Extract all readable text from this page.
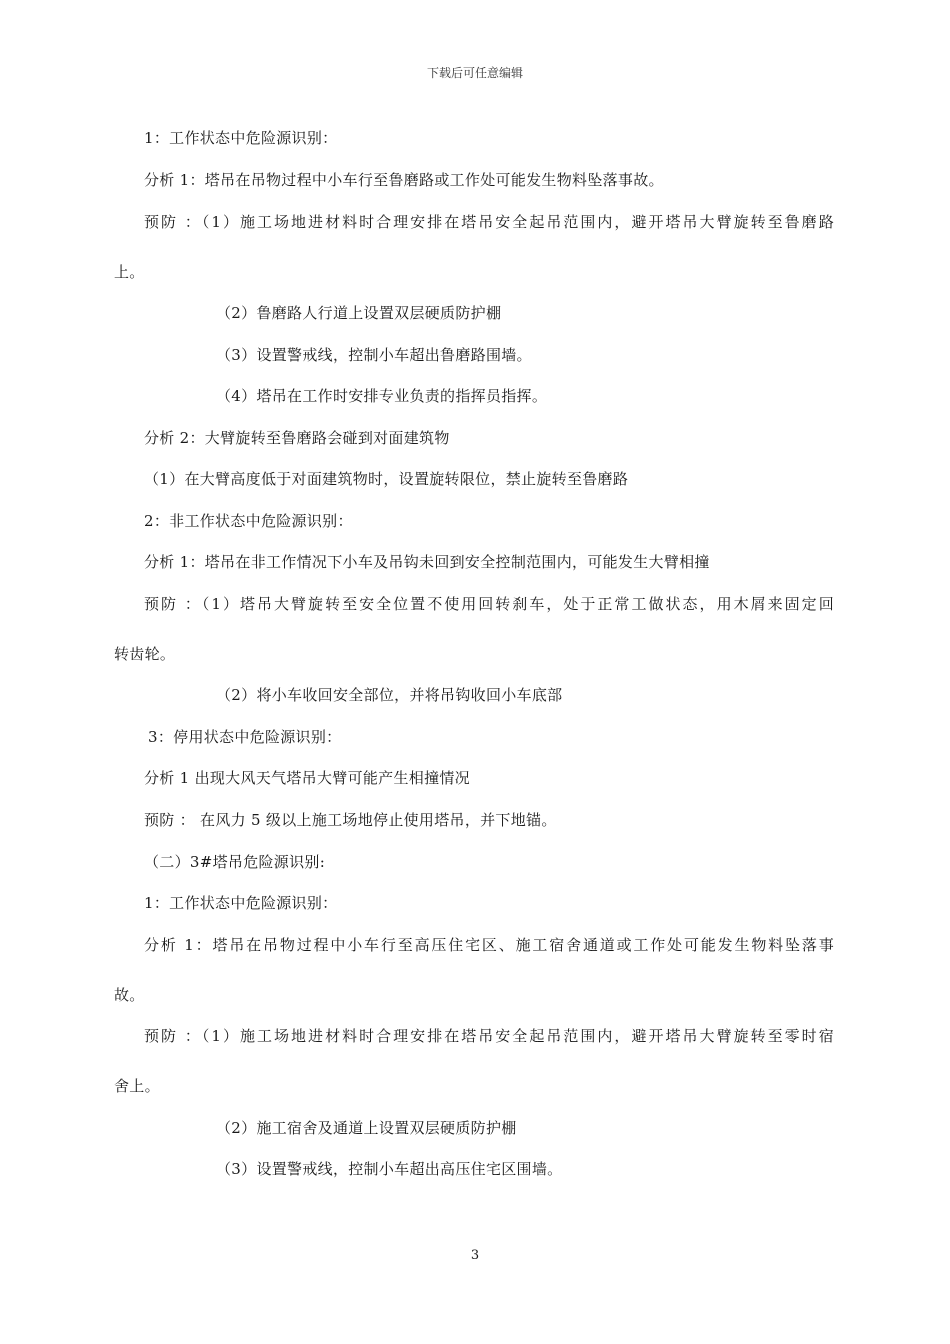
下载后可任意编辑
1：工作状态中危险源识别：
分析 1：塔吊在吊物过程中小车行至鲁磨路或工作处可能发生物料坠落事故。
预防 ：（1）施工场地进材料时合理安排在塔吊安全起吊范围内，避开塔吊大臂旋转至鲁磨路
上。
（2）鲁磨路人行道上设置双层硬质防护棚
（3）设置警戒线，控制小车超出鲁磨路围墙。
（4）塔吊在工作时安排专业负责的指挥员指挥。
分析 2：大臂旋转至鲁磨路会碰到对面建筑物
（1）在大臂高度低于对面建筑物时，设置旋转限位，禁止旋转至鲁磨路
2：非工作状态中危险源识别：
分析 1：塔吊在非工作情况下小车及吊钩未回到安全控制范围内，可能发生大臂相撞
预防 ：（1）塔吊大臂旋转至安全位置不使用回转刹车，处于正常工做状态，用木屑来固定回
转齿轮。
（2）将小车收回安全部位，并将吊钩收回小车底部
3：停用状态中危险源识别：
分析 1 出现大风天气塔吊大臂可能产生相撞情况
预防 ： 在风力 5 级以上施工场地停止使用塔吊，并下地锚。
（二）3#塔吊危险源识别:
1：工作状态中危险源识别：
分析 1：塔吊在吊物过程中小车行至高压住宅区、施工宿舍通道或工作处可能发生物料坠落事
故。
预防 ：（1）施工场地进材料时合理安排在塔吊安全起吊范围内，避开塔吊大臂旋转至零时宿
舍上。
（2）施工宿舍及通道上设置双层硬质防护棚
（3）设置警戒线，控制小车超出高压住宅区围墙。
3
